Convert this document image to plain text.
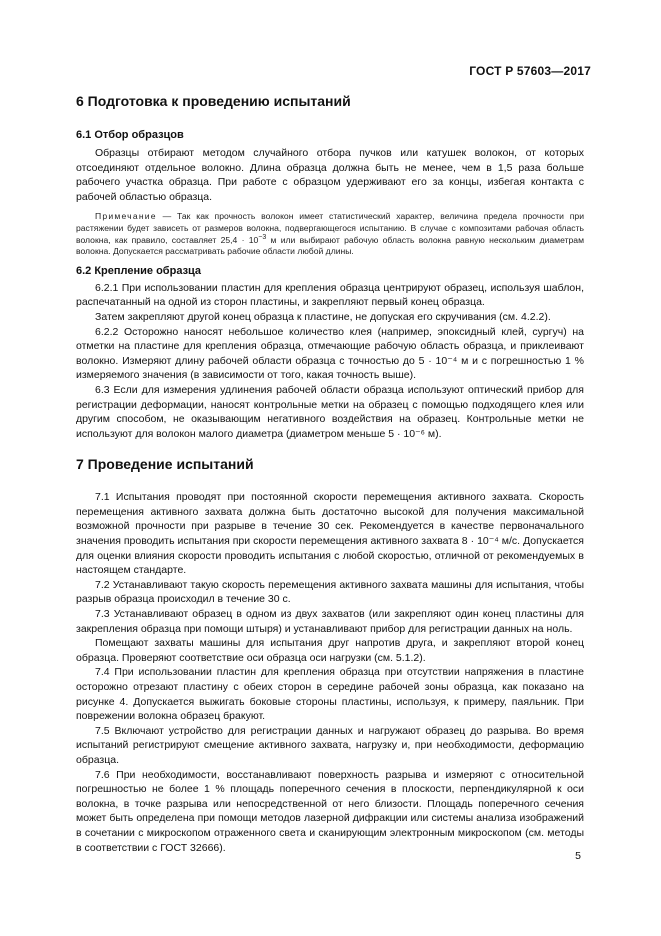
ГОСТ Р 57603—2017
6 Подготовка к проведению испытаний
6.1 Отбор образцов

Образцы отбирают методом случайного отбора пучков или катушек волокон, от которых отсоединяют отдельное волокно. Длина образца должна быть не менее, чем в 1,5 раза больше рабочего участка образца. При работе с образцом удерживают его за концы, избегая контакта с рабочей областью образца.

Примечание — Так как прочность волокон имеет статистический характер, величина предела прочности при растяжении будет зависеть от размеров волокна, подвергающегося испытанию. В случае с композитами рабочая область волокна, как правило, составляет $25,4 \cdot 10^{-3}$ м или выбирают рабочую область волокна равную нескольким диаметрам волокна. Допускается рассматривать рабочие области любой длины.

6.2 Крепление образца

6.2.1 При использовании пластин для крепления образца центрируют образец, используя шаблон, распечатанный на одной из сторон пластины, и закрепляют первый конец образца.

Затем закрепляют другой конец образца к пластине, не допуская его скручивания (см. 4.2.2).

6.2.2 Осторожно наносят небольшое количество клея (например, эпоксидный клей, сургуч) на отметки на пластине для крепления образца, отмечающие рабочую область образца, и приклеивают волокно. Измеряют длину рабочей области образца с точностью до 5 · 10⁻⁴ м и с погрешностью 1 % измеряемого значения (в зависимости от того, какая точность выше).

6.3 Если для измерения удлинения рабочей области образца используют оптический прибор для регистрации деформации, наносят контрольные метки на образец с помощью подходящего клея или другим способом, не оказывающим негативного воздействия на образец. Контрольные метки не используют для волокон малого диаметра (диаметром меньше 5 · 10⁻⁶ м).

7 Проведение испытаний

7.1 Испытания проводят при постоянной скорости перемещения активного захвата. Скорость перемещения активного захвата должна быть достаточно высокой для получения максимальной возможной прочности при разрыве в течение 30 сек. Рекомендуется в качестве первоначального значения проводить испытания при скорости перемещения активного захвата 8 · 10⁻⁴ м/с. Допускается для оценки влияния скорости проводить испытания с любой скоростью, отличной от рекомендуемых в настоящем стандарте.

7.2 Устанавливают такую скорость перемещения активного захвата машины для испытания, чтобы разрыв образца происходил в течение 30 с.

7.3 Устанавливают образец в одном из двух захватов (или закрепляют один конец пластины для закрепления образца при помощи штыря) и устанавливают прибор для регистрации данных на ноль.

Помещают захваты машины для испытания друг напротив друга, и закрепляют второй конец образца. Проверяют соответствие оси образца оси нагрузки (см. 5.1.2).

7.4 При использовании пластин для крепления образца при отсутствии напряжения в пластине осторожно отрезают пластину с обеих сторон в середине рабочей зоны образца, как показано на рисунке 4. Допускается выжигать боковые стороны пластины, используя, к примеру, паяльник. При поврежении волокна образец бракуют.

7.5 Включают устройство для регистрации данных и нагружают образец до разрыва. Во время испытаний регистрируют смещение активного захвата, нагрузку и, при необходимости, деформацию образца.

7.6 При необходимости, восстанавливают поверхность разрыва и измеряют с относительной погрешностью не более 1 % площадь поперечного сечения в плоскости, перпендикулярной к оси волокна, в точке разрыва или непосредственной от него близости. Площадь поперечного сечения может быть определена при помощи методов лазерной дифракции или системы анализа изображений в сочетании с микроскопом отраженного света и сканирующим электронным микроскопом (см. методы в соответствии с ГОСТ 32666).

5
